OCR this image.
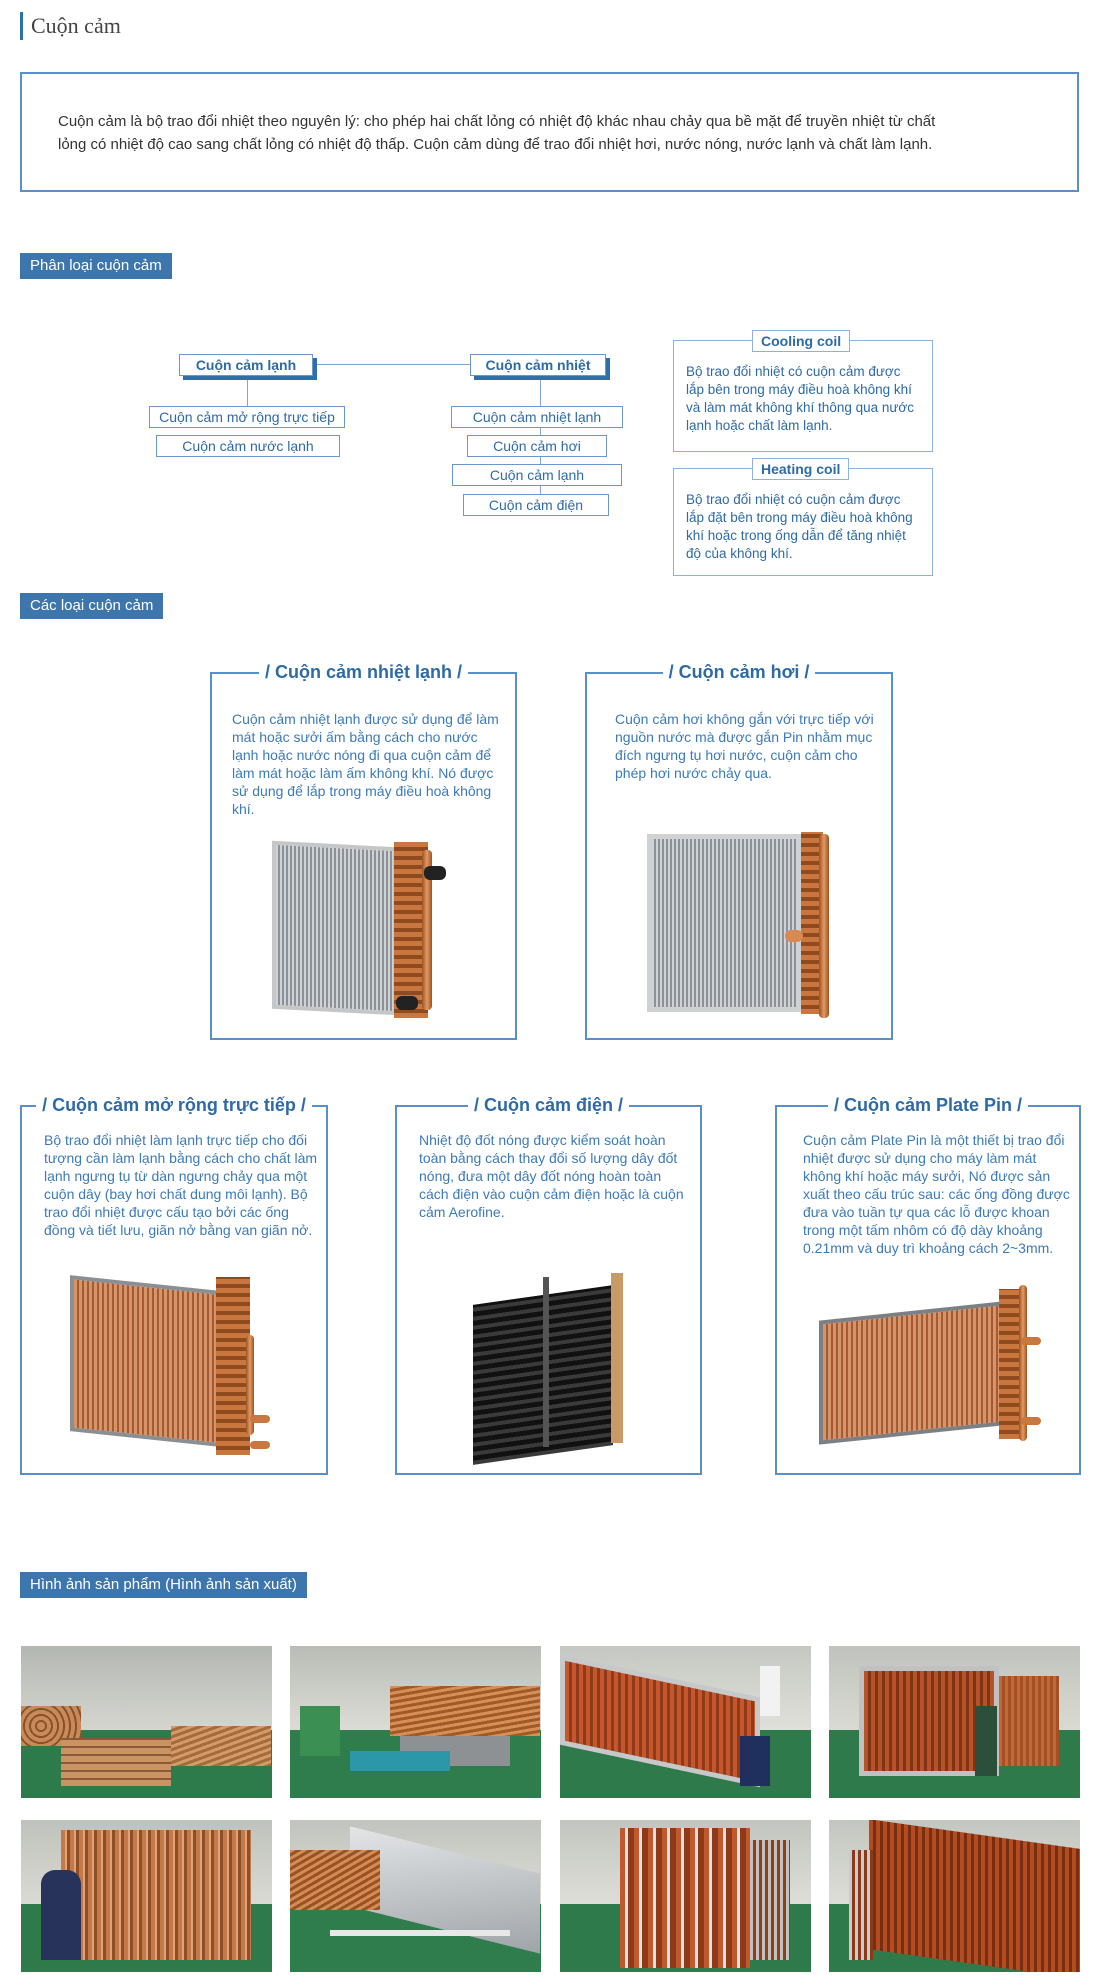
Cuộn cảm
Cuộn cảm là bộ trao đổi nhiệt theo nguyên lý: cho phép hai chất lỏng có nhiệt độ khác nhau chảy qua bề mặt để truyền nhiệt từ chất
lỏng có nhiệt độ cao sang chất lỏng có nhiệt độ thấp. Cuộn cảm dùng để trao đổi nhiệt hơi, nước nóng, nước lạnh và chất làm lạnh.
Phân loại cuộn cảm
Cuộn cảm lạnh
Cuộn cảm mở rộng trực tiếp
Cuộn cảm nước lạnh
Cuộn cảm nhiệt
Cuộn cảm nhiệt lạnh
Cuộn cảm hơi
Cuộn cảm lạnh
Cuộn cảm điện
Cooling coil
Bộ trao đổi nhiệt có cuộn cảm được lắp bên trong máy điều hoà không khí và làm mát không khí thông qua nước lạnh hoặc chất làm lạnh.
Heating coil
Bộ trao đổi nhiệt có cuộn cảm được lắp đặt bên trong máy điều hoà không khí hoặc trong ống dẫn để tăng nhiệt độ của không khí.
Các loại cuộn cảm
/ Cuộn cảm nhiệt lạnh /
Cuộn cảm nhiệt lạnh được sử dụng để làm mát hoặc sưởi ấm bằng cách cho nước lạnh hoặc nước nóng đi qua cuộn cảm để làm mát hoặc làm ấm không khí. Nó được sử dụng để lắp trong máy điều hoà không khí.
/ Cuộn cảm hơi /
Cuộn cảm hơi không gắn với trực tiếp với nguồn nước mà được gắn Pin nhằm mục đích ngưng tụ hơi nước, cuộn cảm cho phép hơi nước chảy qua.
/ Cuộn cảm mở rộng trực tiếp /
Bộ trao đổi nhiệt làm lạnh trực tiếp cho đối tượng cần làm lạnh bằng cách cho chất làm lạnh ngưng tụ từ dàn ngưng chảy qua một cuộn dây (bay hơi chất dung môi lạnh). Bộ trao đổi nhiệt được cấu tạo bởi các ống đồng và tiết lưu, giãn nở bằng van giãn nở.
/ Cuộn cảm điện /
Nhiệt độ đốt nóng được kiểm soát hoàn toàn bằng cách thay đổi số lượng dây đốt nóng, đưa một dây đốt nóng hoàn toàn cách điện vào cuộn cảm điện hoặc là cuộn cảm Aerofine.
/ Cuộn cảm Plate Pin /
Cuộn cảm Plate Pin là một thiết bị trao đổi nhiệt được sử dụng cho máy làm mát không khí hoặc máy sưởi, Nó được sản xuất theo cấu trúc sau: các ống đồng được đưa vào tuần tự qua các lỗ được khoan trong một tấm nhôm có độ dày khoảng 0.21mm và duy trì khoảng cách 2~3mm.
Hình ảnh sản phẩm (Hình ảnh sản xuất)
